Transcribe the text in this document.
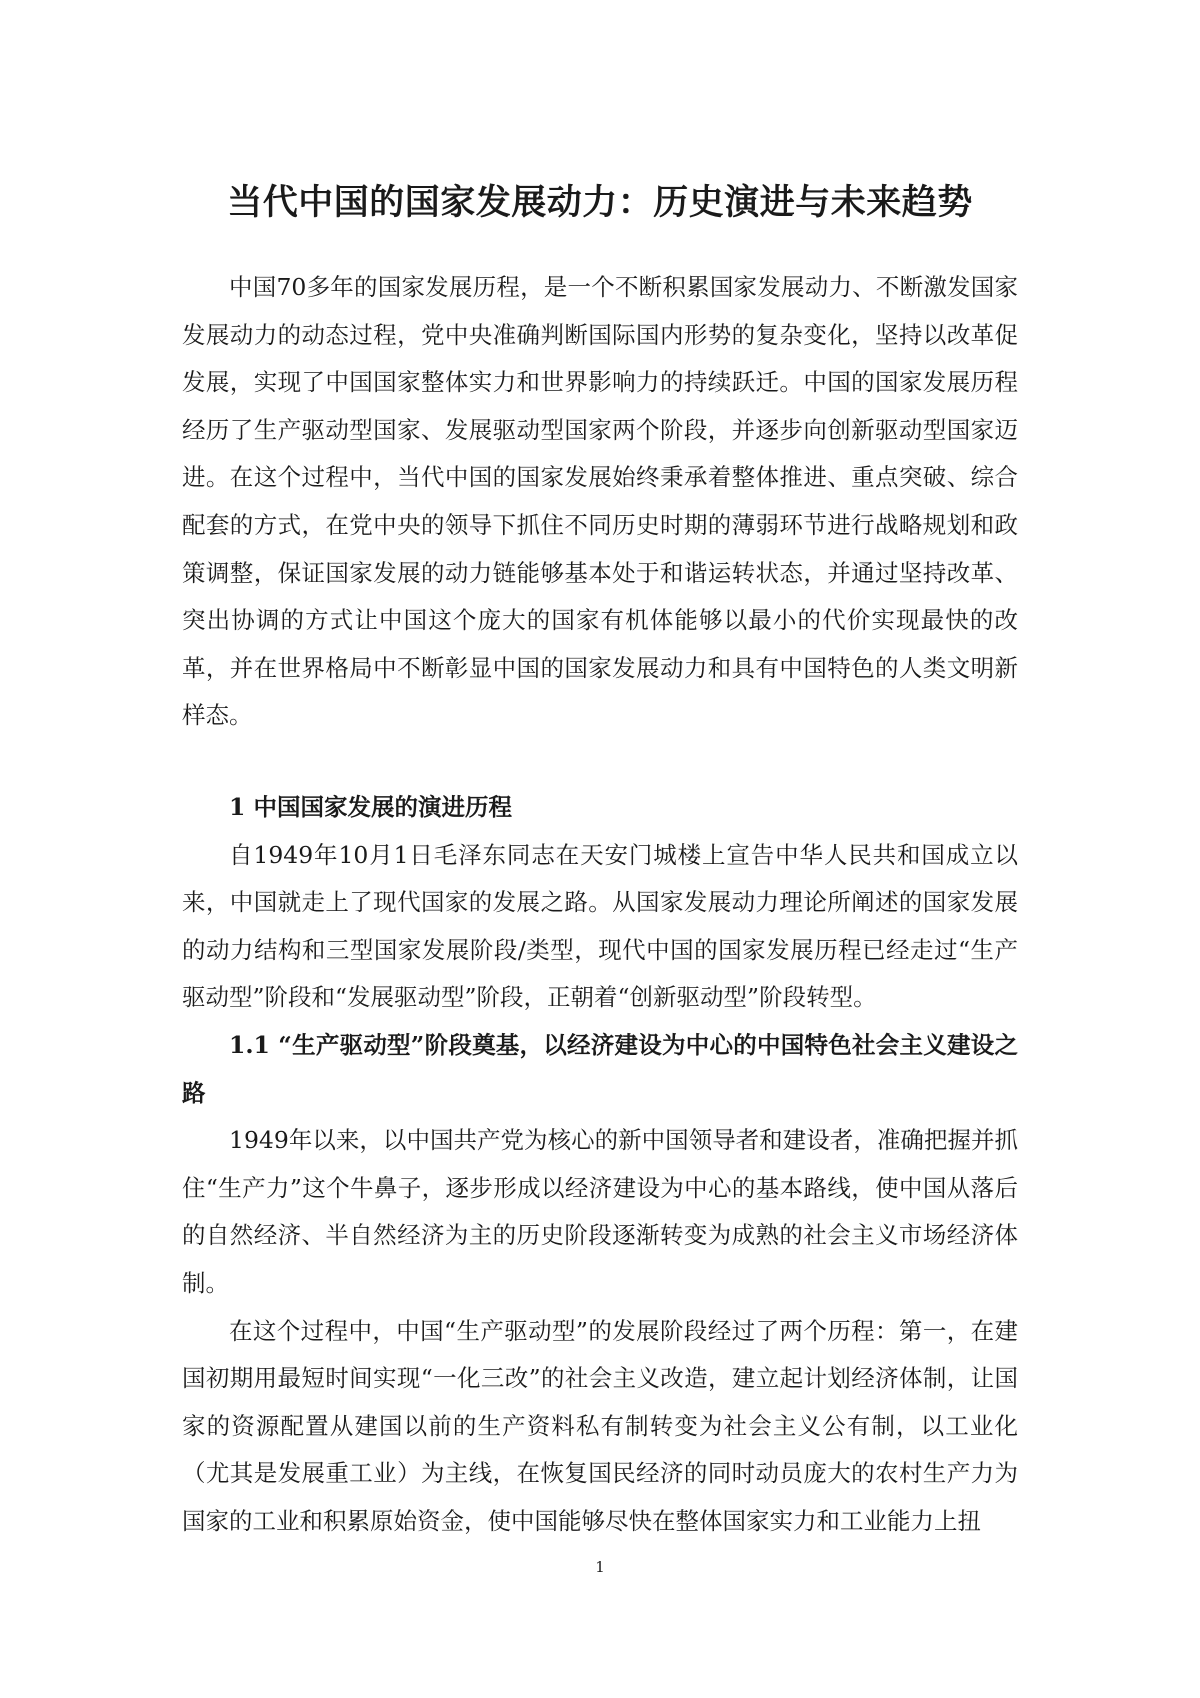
当代中国的国家发展动力：历史演进与未来趋势

中国70多年的国家发展历程，是一个不断积累国家发展动力、不断激发国家发展动力的动态过程，党中央准确判断国际国内形势的复杂变化，坚持以改革促发展，实现了中国国家整体实力和世界影响力的持续跃迁。中国的国家发展历程经历了生产驱动型国家、发展驱动型国家两个阶段，并逐步向创新驱动型国家迈进。在这个过程中，当代中国的国家发展始终秉承着整体推进、重点突破、综合配套的方式，在党中央的领导下抓住不同历史时期的薄弱环节进行战略规划和政策调整，保证国家发展的动力链能够基本处于和谐运转状态，并通过坚持改革、突出协调的方式让中国这个庞大的国家有机体能够以最小的代价实现最快的改革，并在世界格局中不断彰显中国的国家发展动力和具有中国特色的人类文明新样态。

1 中国国家发展的演进历程

自1949年10月1日毛泽东同志在天安门城楼上宣告中华人民共和国成立以来，中国就走上了现代国家的发展之路。从国家发展动力理论所阐述的国家发展的动力结构和三型国家发展阶段/类型，现代中国的国家发展历程已经走过“生产驱动型”阶段和“发展驱动型”阶段，正朝着“创新驱动型”阶段转型。

1.1 “生产驱动型”阶段奠基，以经济建设为中心的中国特色社会主义建设之路

1949年以来，以中国共产党为核心的新中国领导者和建设者，准确把握并抓住“生产力”这个牛鼻子，逐步形成以经济建设为中心的基本路线，使中国从落后的自然经济、半自然经济为主的历史阶段逐渐转变为成熟的社会主义市场经济体制。

在这个过程中，中国“生产驱动型”的发展阶段经过了两个历程：第一，在建国初期用最短时间实现“一化三改”的社会主义改造，建立起计划经济体制，让国家的资源配置从建国以前的生产资料私有制转变为社会主义公有制，以工业化（尤其是发展重工业）为主线，在恢复国民经济的同时动员庞大的农村生产力为国家的工业和积累原始资金，使中国能够尽快在整体国家实力和工业能力上扭

1
